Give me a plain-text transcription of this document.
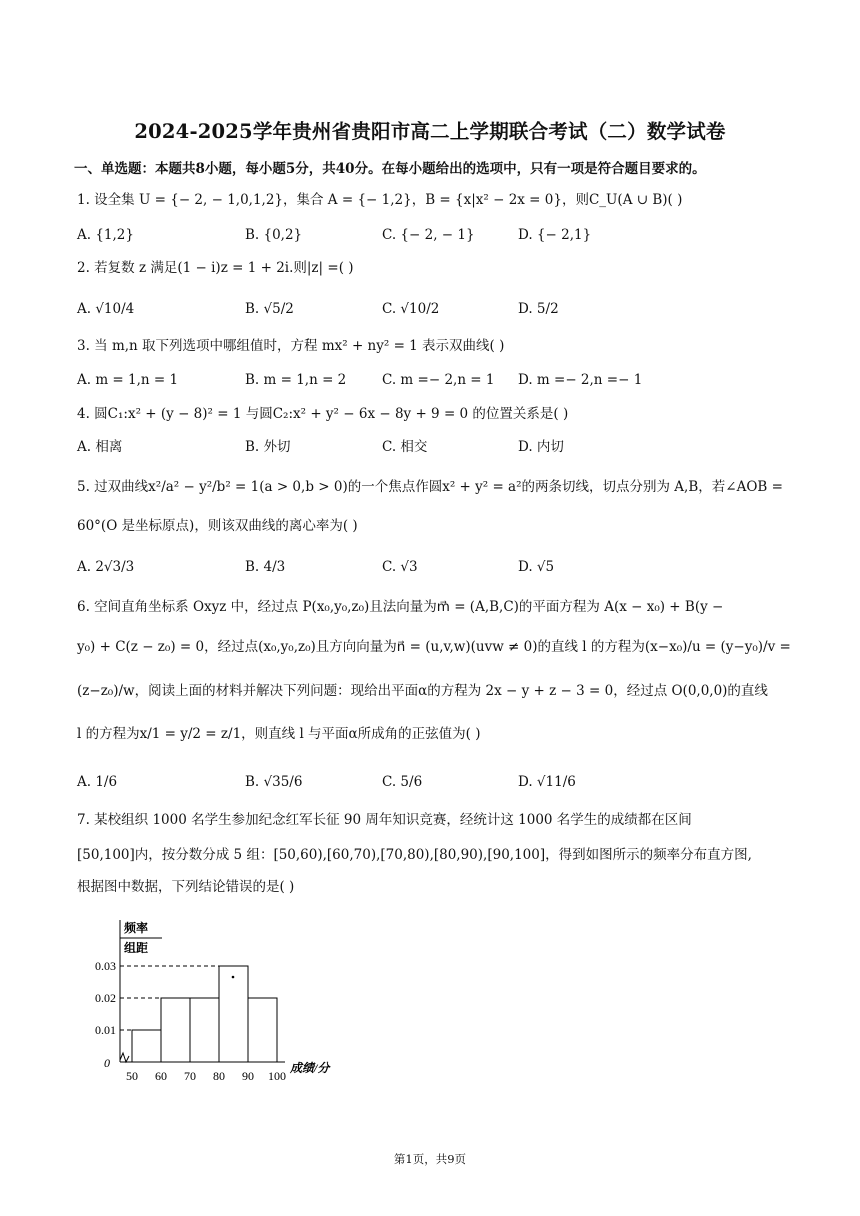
2024-2025学年贵州省贵阳市高二上学期联合考试（二）数学试卷
一、单选题：本题共8小题，每小题5分，共40分。在每小题给出的选项中，只有一项是符合题目要求的。
1. 设全集 U = {− 2, − 1,0,1,2}，集合 A = {− 1,2}，B = {x|x² − 2x = 0}，则C_U(A ∪ B)( )
A. {1,2}	B. {0,2}	C. {− 2, − 1}	D. {− 2,1}
2. 若复数 z 满足(1 − i)z = 1 + 2i.则|z| =( )
A. √10/4	B. √5/2	C. √10/2	D. 5/2
3. 当 m,n 取下列选项中哪组值时，方程 mx² + ny² = 1 表示双曲线( )
A. m = 1,n = 1	B. m = 1,n = 2	C. m =− 2,n = 1 D. m =− 2,n =− 1
4. 圆C₁:x² + (y − 8)² = 1 与圆C₂:x² + y² − 6x − 8y + 9 = 0 的位置关系是( )
A. 相离	B. 外切	C. 相交	D. 内切
5. 过双曲线x²/a² − y²/b² = 1(a > 0,b > 0)的一个焦点作圆x² + y² = a²的两条切线，切点分别为 A,B，若∠AOB =
60°(O 是坐标原点)，则该双曲线的离心率为( )
A. 2√3/3	B. 4/3	C. √3	D. √5
6. 空间直角坐标系 Oxyz 中，经过点 P(x₀,y₀,z₀)且法向量为m⃗ = (A,B,C)的平面方程为 A(x − x₀) + B(y −
y₀) + C(z − z₀) = 0，经过点(x₀,y₀,z₀)且方向向量为n⃗ = (u,v,w)(uvw ≠ 0)的直线 l 的方程为(x−x₀)/u = (y−y₀)/v =
(z−z₀)/w，阅读上面的材料并解决下列问题：现给出平面α的方程为 2x − y + z − 3 = 0，经过点 O(0,0,0)的直线
l 的方程为x/1 = y/2 = z/1，则直线 l 与平面α所成角的正弦值为( )
A. 1/6	B. √35/6	C. 5/6	D. √11/6
7. 某校组织 1000 名学生参加纪念红军长征 90 周年知识竞赛，经统计这 1000 名学生的成绩都在区间
[50,100]内，按分数分成 5 组：[50,60),[60,70),[70,80),[80,90),[90,100]，得到如图所示的频率分布直方图,
根据图中数据，下列结论错误的是( )
频率
组距
0	成绩/分
0.01
0.02
0.03
50 60 70 80 90 100
第1页，共9页
